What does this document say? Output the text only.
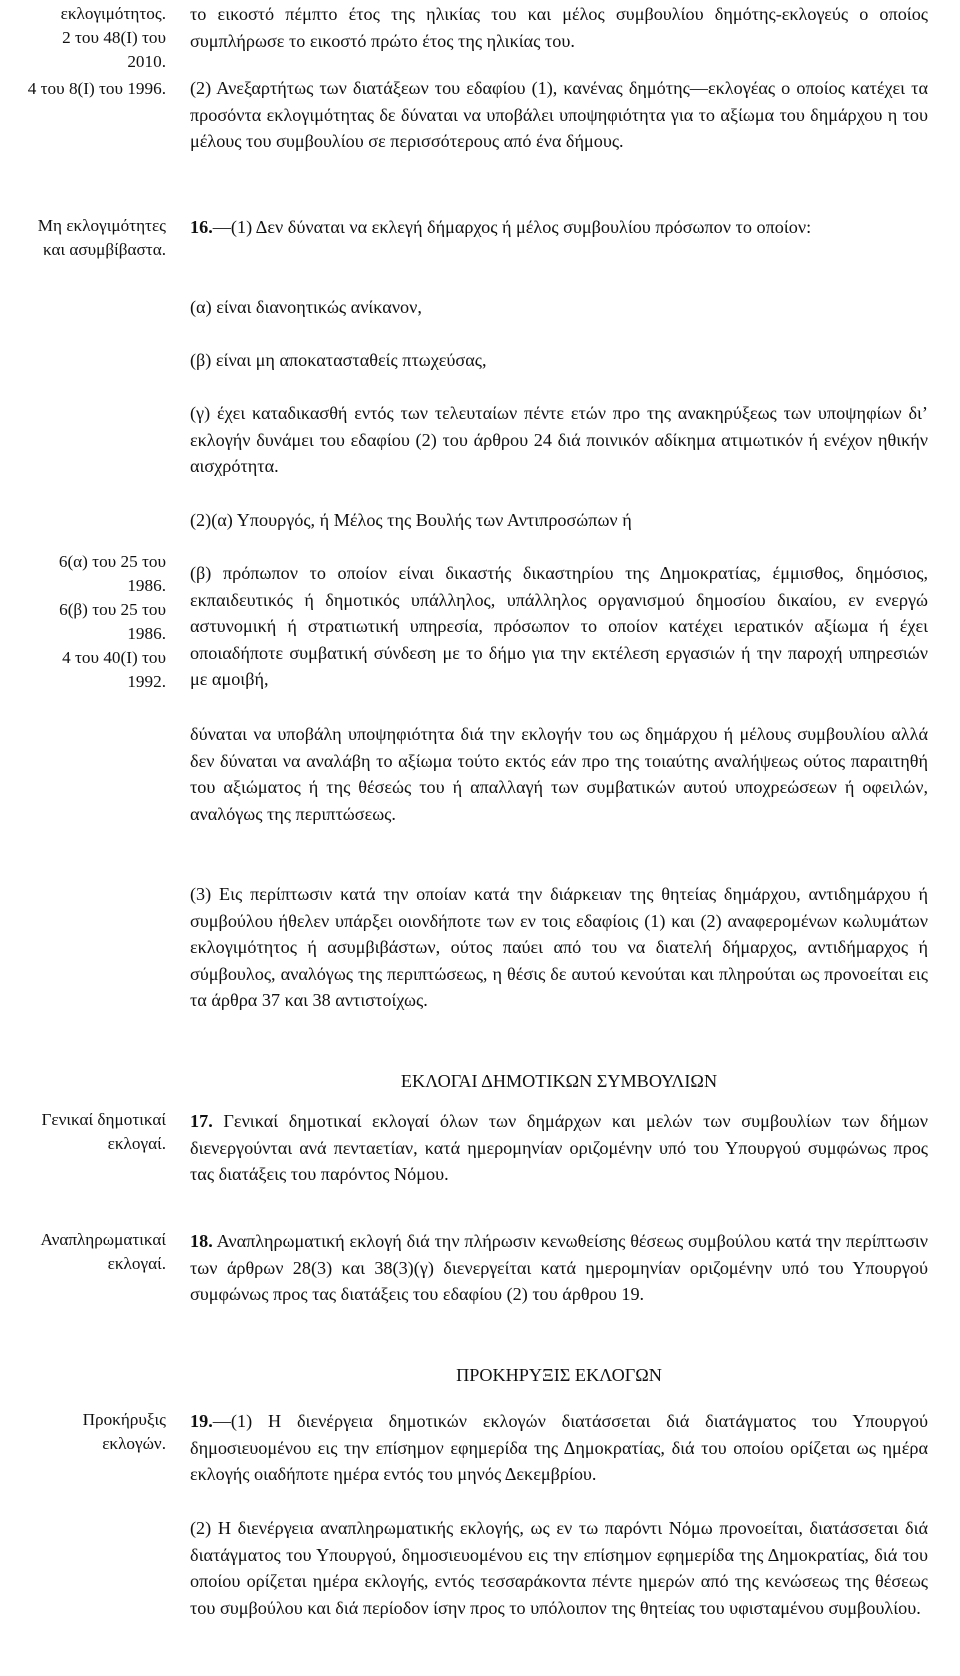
εκλογιμότητος.
2 του 48(Ι) του
2010.
4 του 8(Ι) του 1996.
Μη εκλογιμότητες
και ασυμβίβαστα.
6(α) του 25 του
1986.
6(β) του 25 του
1986.
4 του 40(Ι) του
1992.
Γενικαί δημοτικαί
εκλογαί.
Αναπληρωματικαί
εκλογαί.
Προκήρυξις
εκλογών.
το εικοστό πέμπτο έτος της ηλικίας του και μέλος συμβουλίου δημότης-εκλογεύς ο οποίος συμπλήρωσε το εικοστό πρώτο έτος της ηλικίας του.
(2) Ανεξαρτήτως των διατάξεων του εδαφίου (1), κανένας δημότης—εκλογέας ο οποίος κατέχει τα προσόντα εκλογιμότητας δε δύναται να υποβάλει υποψηφιότητα για το αξίωμα του δημάρχου η του μέλους του συμβουλίου σε περισσότερους από ένα δήμους.
16.—(1) Δεν δύναται να εκλεγή δήμαρχος ή μέλος συμβουλίου πρόσωπον το οποίον:
(α) είναι διανοητικώς ανίκανον,
(β) είναι μη αποκατασταθείς πτωχεύσας,
(γ) έχει καταδικασθή εντός των τελευταίων πέντε ετών προ της ανακηρύξεως των υποψηφίων δι’ εκλογήν δυνάμει του εδαφίου (2) του άρθρου 24 διά ποινικόν αδίκημα ατιμωτικόν ή ενέχον ηθικήν αισχρότητα.
(2)(α) Υπουργός, ή Μέλος της Βουλής των Αντιπροσώπων ή
(β) πρόπωπον το οποίον είναι δικαστής δικαστηρίου της Δημοκρατίας, έμμισθος, δημόσιος, εκπαιδευτικός ή δημοτικός υπάλληλος, υπάλληλος οργανισμού δημοσίου δικαίου, εν ενεργώ αστυνομική ή στρατιωτική υπηρεσία, πρόσωπον το οποίον κατέχει ιερατικόν αξίωμα ή έχει οποιαδήποτε συμβατική σύνδεση με το δήμο για την εκτέλεση εργασιών ή την παροχή υπηρεσιών με αμοιβή,
δύναται να υποβάλη υποψηφιότητα διά την εκλογήν του ως δημάρχου ή μέλους συμβουλίου αλλά δεν δύναται να αναλάβη το αξίωμα τούτο εκτός εάν προ της τοιαύτης αναλήψεως ούτος παραιτηθή του αξιώματος ή της θέσεώς του ή απαλλαγή των συμβατικών αυτού υποχρεώσεων ή οφειλών, αναλόγως της περιπτώσεως.
(3) Εις περίπτωσιν κατά την οποίαν κατά την διάρκειαν της θητείας δημάρχου, αντιδημάρχου ή συμβούλου ήθελεν υπάρξει οιονδήποτε των εν τοις εδαφίοις (1) και (2) αναφερομένων κωλυμάτων εκλογιμότητος ή ασυμβιβάστων, ούτος παύει από του να διατελή δήμαρχος, αντιδήμαρχος ή σύμβουλος, αναλόγως της περιπτώσεως, η θέσις δε αυτού κενούται και πληρούται ως προνοείται εις τα άρθρα 37 και 38 αντιστοίχως.
ΕΚΛΟΓΑΙ ΔΗΜΟΤΙΚΩΝ ΣΥΜΒΟΥΛΙΩΝ
17. Γενικαί δημοτικαί εκλογαί όλων των δημάρχων και μελών των συμβουλίων των δήμων διενεργούνται ανά πενταετίαν, κατά ημερομηνίαν οριζομένην υπό του Υπουργού συμφώνως προς τας διατάξεις του παρόντος Νόμου.
18. Αναπληρωματική εκλογή διά την πλήρωσιν κενωθείσης θέσεως συμβούλου κατά την περίπτωσιν των άρθρων 28(3) και 38(3)(γ) διενεργείται κατά ημερομηνίαν οριζομένην υπό του Υπουργού συμφώνως προς τας διατάξεις του εδαφίου (2) του άρθρου 19.
ΠΡΟΚΗΡΥΞΙΣ ΕΚΛΟΓΩΝ
19.—(1) Η διενέργεια δημοτικών εκλογών διατάσσεται διά διατάγματος του Υπουργού δημοσιευομένου εις την επίσημον εφημερίδα της Δημοκρατίας, διά του οποίου ορίζεται ως ημέρα εκλογής οιαδήποτε ημέρα εντός του μηνός Δεκεμβρίου.
(2) Η διενέργεια αναπληρωματικής εκλογής, ως εν τω παρόντι Νόμω προνοείται, διατάσσεται διά διατάγματος του Υπουργού, δημοσιευομένου εις την επίσημον εφημερίδα της Δημοκρατίας, διά του οποίου ορίζεται ημέρα εκλογής, εντός τεσσαράκοντα πέντε ημερών από της κενώσεως της θέσεως του συμβούλου και διά περίοδον ίσην προς το υπόλοιπον της θητείας του υφισταμένου συμβουλίου.
